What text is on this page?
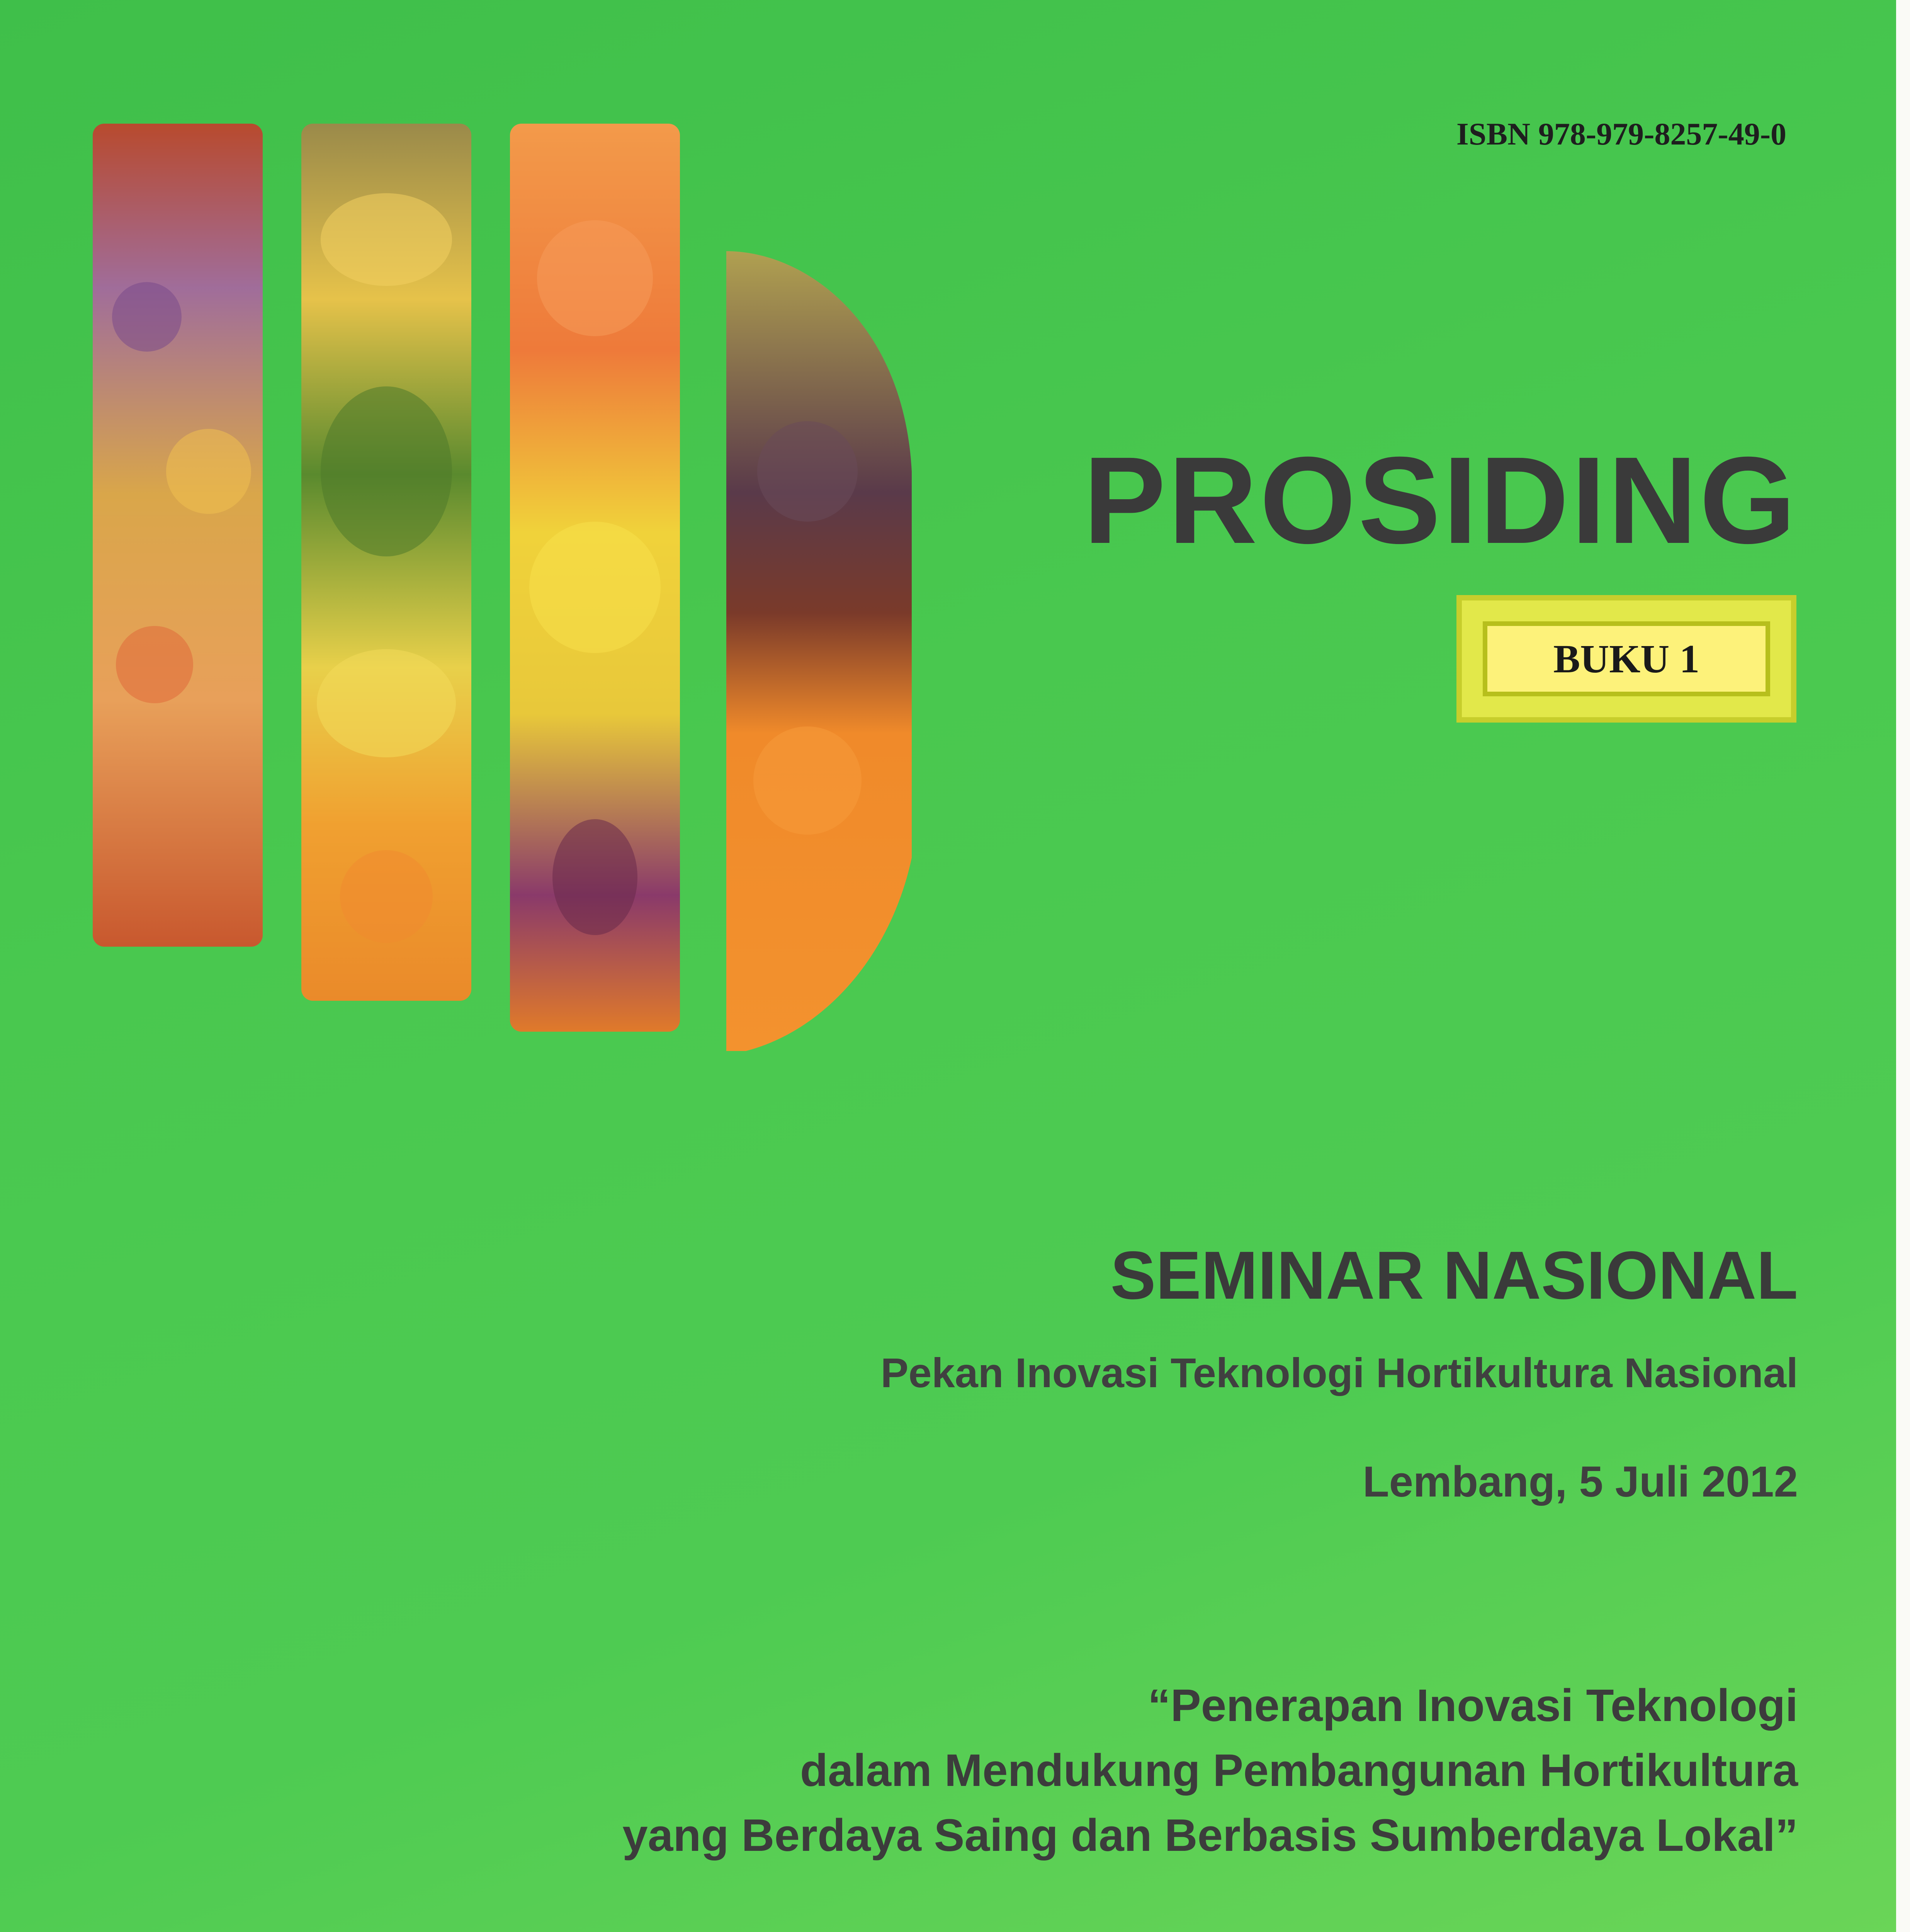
ISBN 978-979-8257-49-0
PROSIDING
BUKU 1
SEMINAR NASIONAL
Pekan Inovasi Teknologi Hortikultura Nasional
Lembang, 5 Juli 2012
“Penerapan Inovasi Teknologi
dalam Mendukung Pembangunan Hortikultura
yang Berdaya Saing dan Berbasis Sumberdaya Lokal”
